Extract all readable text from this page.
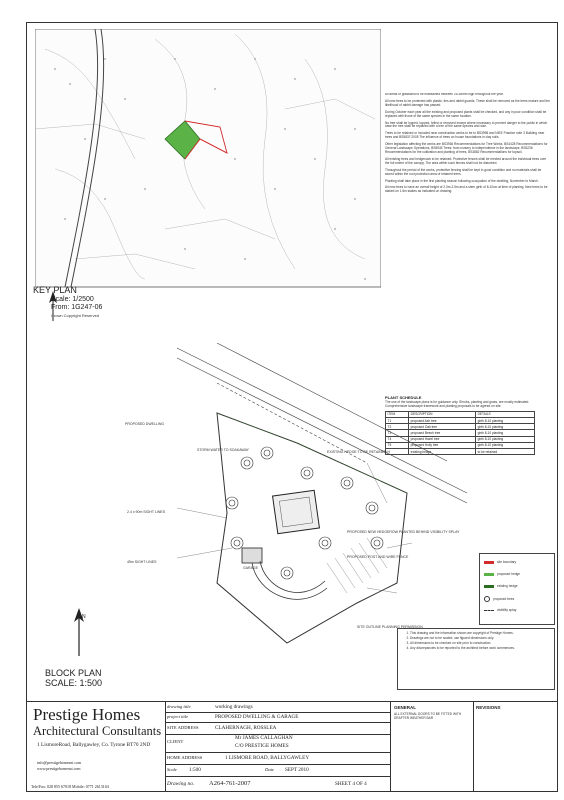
KEY PLAN
Scale: 1/2500
From: 1G247-06
Crown Copyright Reserved

All areas of grassland to be maintained between 25-38mm high throughout the year.

All new trees to be protected with plastic, ties and rabbit guards. These shall be removed as the trees mature and the likelihood of rabbit damage has passed.

During October each year all the existing and proposed plants shall be checked, and any in poor condition shall be replaced with those of the same species in the same location.

No tree shall be lopped, topped, felled or removed except where necessary to prevent danger to the public in which case the tree shall be replaced with a tree of the same species and size.

Trees to be retained or included near construction works to be to BS3998 and NIEE Practice note 3 Building near trees and BS5837:2005 The influence of trees on house foundations in clay soils.

Other legislation affecting the works are BS3936 Recommendations for Tree Works, BS4428 Recommendations for General Landscape Operations, BS8545 Trees: from nursery to independence in the landscape, BS5236 Recommendations for the cultivation and planting of trees, BS3882 Recommendations for topsoil.

All existing trees and hedgerows to be retained. Protective fences shall be erected around the individual trees over the full extent of the canopy. The area within such fences shall not be disturbed.

Throughout the period of the works, protective fencing shall be kept in good condition and no materials shall be stored within the root protection area of retained trees.

Planting shall take place in the first planting season following occupation of the dwelling, November to March.

All new trees to have an overall height of 2.0m-2.5m and a stem girth of 8-10cm at time of planting. New trees to be staked on 1.5m stakes as indicated on drawing.

PLANT SCHEDULE
The use of the landscape plans is for guidance only. Shrubs, planting and grass, are mostly estimated. Comprehensive landscape framework and planting proposals to be agreed on site.
ITEM	DESCRIPTION	DETAILS
T1	proposed Ash tree	girth 8-10 planting
T2	proposed Oak tree	girth 8-10 planting
T3	proposed Beech tree	girth 8-10 planting
T4	proposed Hazel tree	girth 8-10 planting
T5	proposed Holly tree	girth 8-10 planting
H	existing hedge	to be retained
PROPOSED DWELLING
STORM WATER TO SOAKAWAY	EXISTING HEDGE TO BE RETAINED
PROPOSED NEW HEDGEROW PLANTED BEHIND VISIBILITY SPLAY
PROPOSED POST AND WIRE FENCE
GARAGE
SITE OUTLINE PLANNING PERMISSION
2.4 x 90m SIGHT LINES
45m SIGHT LINES
N
BLOCK PLAN
SCALE: 1:500
site boundary
proposed hedge
existing hedge
proposed trees
visibility splay
1. This drawing and the information shown are copyright of Prestige Homes.
2. Drawings are not to be scaled; use figured dimensions only.
3. All dimensions to be checked on site prior to construction.
4. Any discrepancies to be reported to the architect before work commences.
Prestige Homes
Architectural Consultants
1 LismoreRoad, Ballygawley, Co. Tyrone BT70 2ND
info@prestigehomesni.com
www.prestigehomesni.com
Tele/Fax: 028 855 67018 Mobile: 0771 2613104
drawing title	working drawings
project title	PROPOSED DWELLING & GARAGE
SITE ADDRESS	CLAHERNAGH, ROSSLEA
CLIENT
Mr JAMES CALLAGHAN
C/O PRESTIGE HOMES
HOME ADDRESS	1 LISMORE ROAD, BALLYGAWLEY
Scale 1:500	Date SEPT 2010
Drawing no. A264-761-2007	SHEET 4 OF 4
GENERAL
ALL EXTERNAL DOORS TO BE FITTED WITH DRAFTER WEATHER BAR
REVISIONS
